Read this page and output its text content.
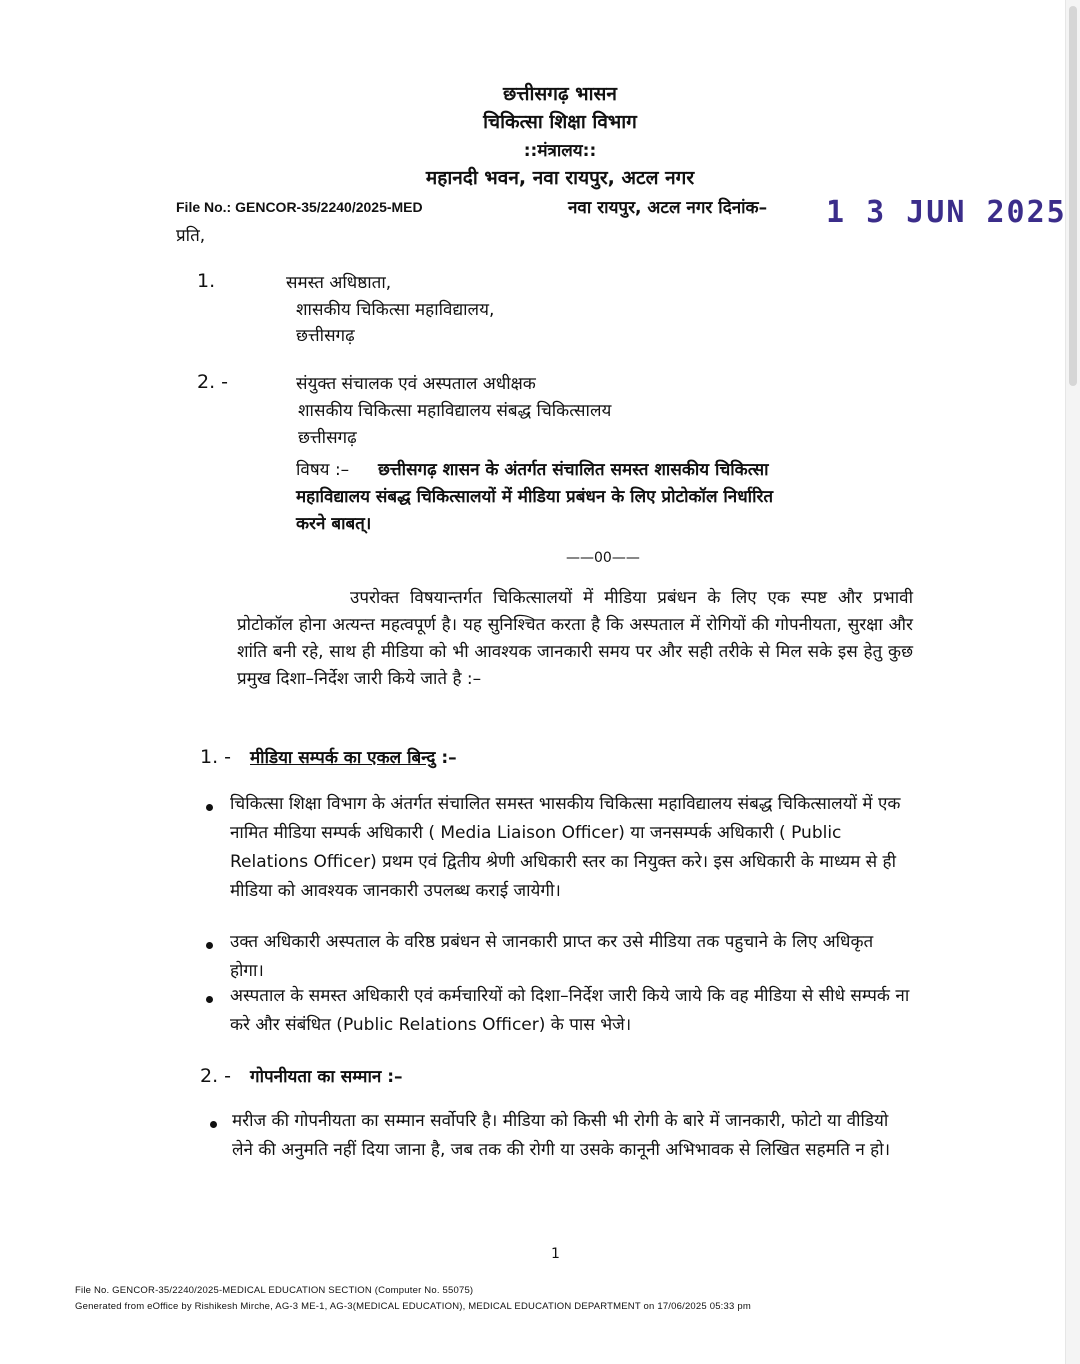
छत्तीसगढ़ भासन
चिकित्सा शिक्षा विभाग
::मंत्रालय::
महानदी भवन, नवा रायपुर, अटल नगर
File No.: GENCOR-35/2240/2025-MED	नवा रायपुर, अटल नगर दिनांक– 1 3 JUN 2025
प्रति,
1.	समस्त अधिष्ठाता,
शासकीय चिकित्सा महाविद्यालय,
छत्तीसगढ़
2. -	संयुक्त संचालक एवं अस्पताल अधीक्षक
शासकीय चिकित्सा महाविद्यालय संबद्ध चिकित्सालय
छत्तीसगढ़
विषय :– छत्तीसगढ़ शासन के अंतर्गत संचालित समस्त शासकीय चिकित्सा
महाविद्यालय संबद्ध चिकित्सालयों में मीडिया प्रबंधन के लिए प्रोटोकॉल निर्धारित
करने बाबत्।
——00——
उपरोक्त विषयान्तर्गत चिकित्सालयों में मीडिया प्रबंधन के लिए एक स्पष्ट और प्रभावी प्रोटोकॉल होना अत्यन्त महत्वपूर्ण है। यह सुनिश्चित करता है कि अस्पताल में रोगियों की गोपनीयता, सुरक्षा और शांति बनी रहे, साथ ही मीडिया को भी आवश्यक जानकारी समय पर और सही तरीके से मिल सके इस हेतु कुछ प्रमुख दिशा–निर्देश जारी किये जाते है :–
1. - मीडिया सम्पर्क का एकल बिन्दु :–
चिकित्सा शिक्षा विभाग के अंतर्गत संचालित समस्त भासकीय चिकित्सा महाविद्यालय संबद्ध चिकित्सालयों में एक नामित मीडिया सम्पर्क अधिकारी ( Media Liaison Officer) या जनसम्पर्क अधिकारी ( Public Relations Officer) प्रथम एवं द्वितीय श्रेणी अधिकारी स्तर का नियुक्त करे। इस अधिकारी के माध्यम से ही मीडिया को आवश्यक जानकारी उपलब्ध कराई जायेगी।
उक्त अधिकारी अस्पताल के वरिष्ठ प्रबंधन से जानकारी प्राप्त कर उसे मीडिया तक पहुचाने के लिए अधिकृत होगा।
अस्पताल के समस्त अधिकारी एवं कर्मचारियों को दिशा–निर्देश जारी किये जाये कि वह मीडिया से सीधे सम्पर्क ना करे और संबंधित (Public Relations Officer) के पास भेजे।
2. - गोपनीयता का सम्मान :–
मरीज की गोपनीयता का सम्मान सर्वोपरि है। मीडिया को किसी भी रोगी के बारे में जानकारी, फोटो या वीडियो लेने की अनुमति नहीं दिया जाना है, जब तक की रोगी या उसके कानूनी अभिभावक से लिखित सहमति न हो।
1
File No. GENCOR-35/2240/2025-MEDICAL EDUCATION SECTION (Computer No. 55075)
Generated from eOffice by Rishikesh Mirche, AG-3 ME-1, AG-3(MEDICAL EDUCATION), MEDICAL EDUCATION DEPARTMENT on 17/06/2025 05:33 pm
